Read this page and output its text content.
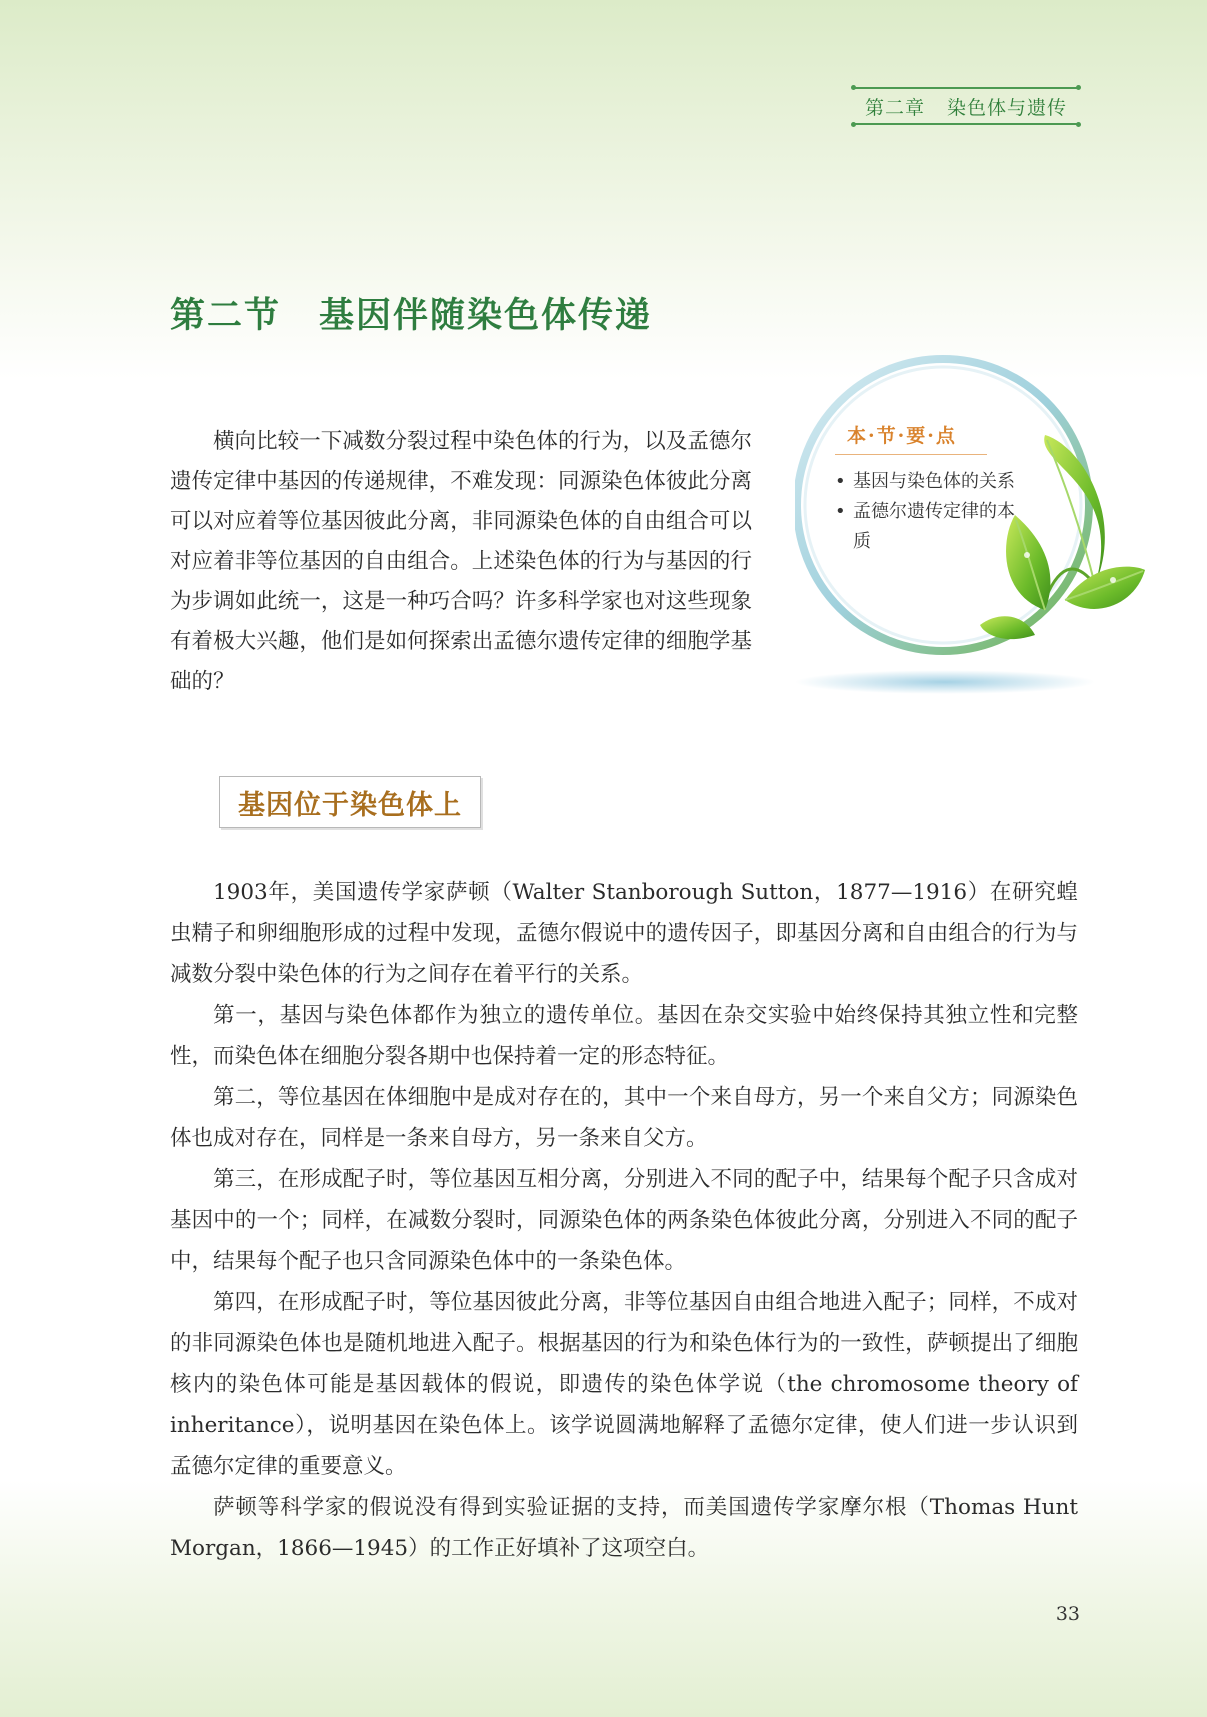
第二章 染色体与遗传
第二节 基因伴随染色体传递

横向比较一下减数分裂过程中染色体的行为，以及孟德尔遗传定律中基因的传递规律，不难发现：同源染色体彼此分离可以对应着等位基因彼此分离，非同源染色体的自由组合可以对应着非等位基因的自由组合。上述染色体的行为与基因的行为步调如此统一，这是一种巧合吗？许多科学家也对这些现象有着极大兴趣，他们是如何探索出孟德尔遗传定律的细胞学基础的？

本·节·要·点
• 基因与染色体的关系
• 孟德尔遗传定律的本质
基因位于染色体上

1903年，美国遗传学家萨顿（Walter Stanborough Sutton，1877—1916）在研究蝗虫精子和卵细胞形成的过程中发现，孟德尔假说中的遗传因子，即基因分离和自由组合的行为与减数分裂中染色体的行为之间存在着平行的关系。

第一，基因与染色体都作为独立的遗传单位。基因在杂交实验中始终保持其独立性和完整性，而染色体在细胞分裂各期中也保持着一定的形态特征。

第二，等位基因在体细胞中是成对存在的，其中一个来自母方，另一个来自父方；同源染色体也成对存在，同样是一条来自母方，另一条来自父方。

第三，在形成配子时，等位基因互相分离，分别进入不同的配子中，结果每个配子只含成对基因中的一个；同样，在减数分裂时，同源染色体的两条染色体彼此分离，分别进入不同的配子中，结果每个配子也只含同源染色体中的一条染色体。

第四，在形成配子时，等位基因彼此分离，非等位基因自由组合地进入配子；同样，不成对的非同源染色体也是随机地进入配子。根据基因的行为和染色体行为的一致性，萨顿提出了细胞核内的染色体可能是基因载体的假说，即遗传的染色体学说（the chromosome theory of inheritance），说明基因在染色体上。该学说圆满地解释了孟德尔定律，使人们进一步认识到孟德尔定律的重要意义。

萨顿等科学家的假说没有得到实验证据的支持，而美国遗传学家摩尔根（Thomas Hunt Morgan，1866—1945）的工作正好填补了这项空白。

33
